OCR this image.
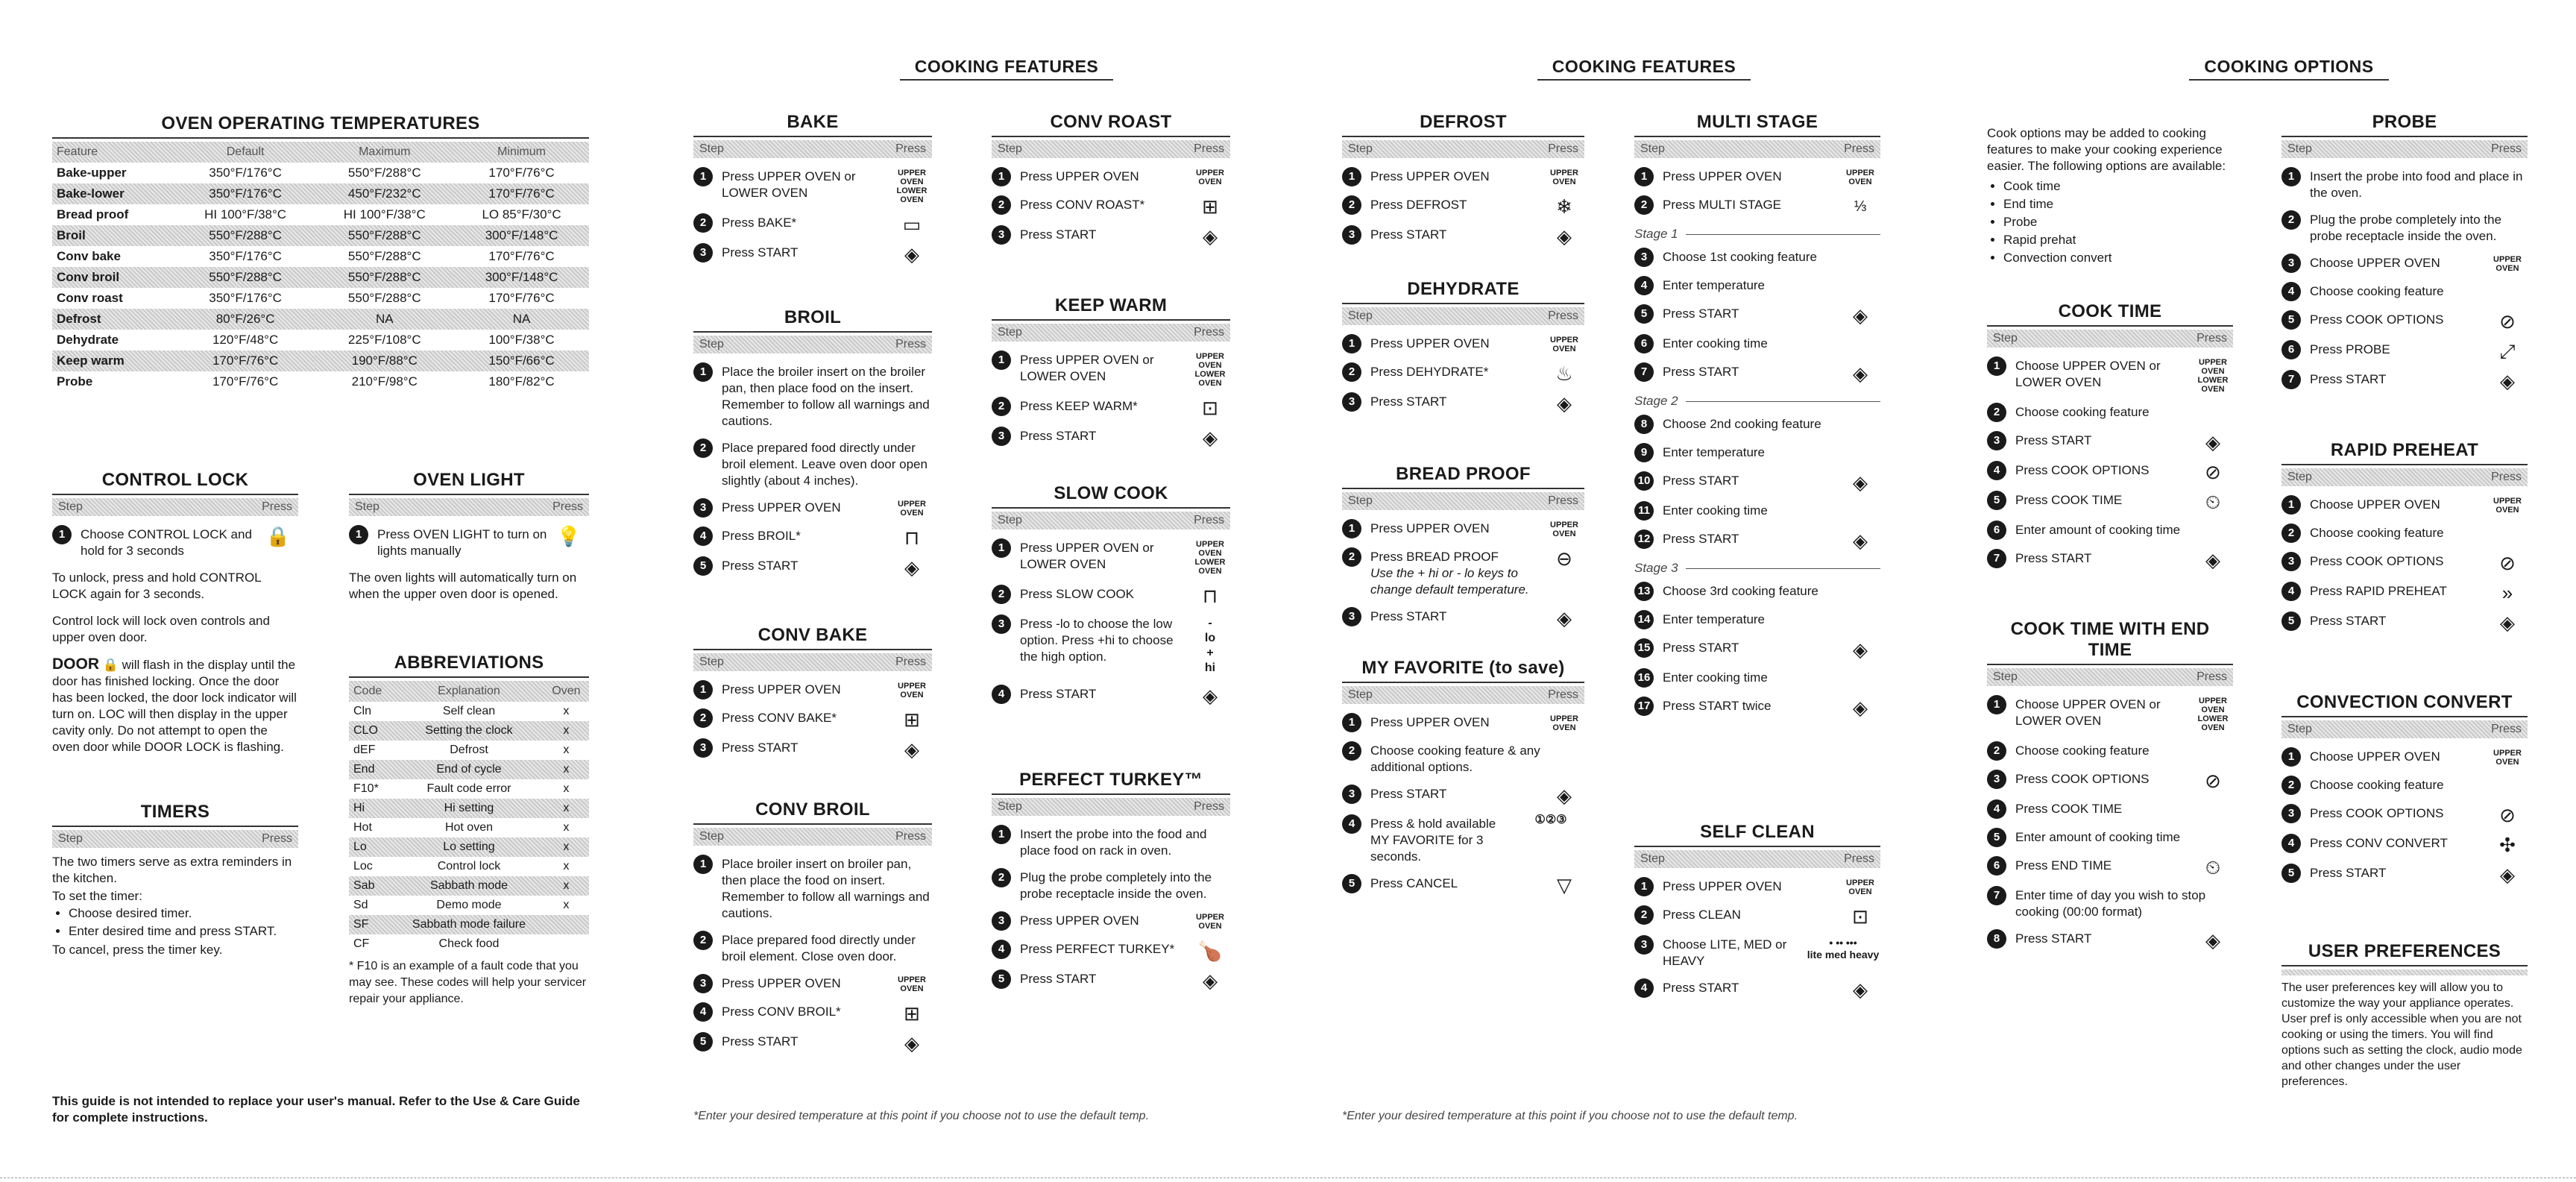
COOKING FEATURES	COOKING FEATURES	COOKING OPTIONS
OVEN OPERATING TEMPERATURES
Feature	Default	Maximum	Minimum
Bake-upper	350°F/176°C	550°F/288°C	170°F/76°C
Bake-lower	350°F/176°C	450°F/232°C	170°F/76°C
Bread proof	HI 100°F/38°C	HI 100°F/38°C	LO 85°F/30°C
Broil	550°F/288°C	550°F/288°C	300°F/148°C
Conv bake	350°F/176°C	550°F/288°C	170°F/76°C
Conv broil	550°F/288°C	550°F/288°C	300°F/148°C
Conv roast	350°F/176°C	550°F/288°C	170°F/76°C
Defrost	80°F/26°C	NA	NA
Dehydrate	120°F/48°C	225°F/108°C	100°F/38°C
Keep warm	170°F/76°C	190°F/88°C	150°F/66°C
Probe	170°F/76°C	210°F/98°C	180°F/82°C
CONTROL LOCK
Step	Press
1	Choose CONTROL LOCK and hold for 3 seconds
🔒
To unlock, press and hold CONTROL LOCK again for 3 seconds.
Control lock will lock oven controls and upper oven door.
DOOR 🔒 will flash in the display until the door has finished locking. Once the door has been locked, the door lock indicator will turn on. LOC will then display in the upper cavity only. Do not attempt to open the oven door while DOOR LOCK is flashing.
OVEN LIGHT
Step	Press
1	Press OVEN LIGHT to turn on lights manually
💡
The oven lights will automatically turn on when the upper oven door is opened.
ABBREVIATIONS
Code	Explanation	Oven
Cln	Self clean	x
CLO	Setting the clock	x
dEF	Defrost	x
End	End of cycle	x
F10*	Fault code error	x
Hi	Hi setting	x
Hot	Hot oven	x
Lo	Lo setting	x
Loc	Control lock	x
Sab	Sabbath mode	x
Sd	Demo mode	x
SF	Sabbath mode failure	
CF	Check food	
* F10 is an example of a fault code that you may see. These codes will help your servicer repair your appliance.
TIMERS
Step	Press
The two timers serve as extra reminders in the kitchen.
To set the timer:
• Choose desired timer.
• Enter desired time and press START.
To cancel, press the timer key.
This guide is not intended to replace your user's manual. Refer to the Use & Care Guide for complete instructions.
BAKE
Step	Press
1	Press UPPER OVEN or LOWER OVEN
UPPER
OVEN
LOWER
OVEN
2	Press BAKE*	▭
3	Press START	◈
BROIL
Step	Press
1	Place the broiler insert on the broiler pan, then place food on the insert. Remember to follow all warnings and cautions.
2	Place prepared food directly under broil element. Leave oven door open slightly (about 4 inches).
3	Press UPPER OVEN	UPPER
OVEN
4	Press BROIL*	⊓
5	Press START	◈
CONV BAKE
Step	Press
1	Press UPPER OVEN	UPPER
OVEN
2	Press CONV BAKE*	⊞
3	Press START	◈
CONV BROIL
Step	Press
1	Place broiler insert on broiler pan, then place the food on insert. Remember to follow all warnings and cautions.
2	Place prepared food directly under broil element. Close oven door.
3	Press UPPER OVEN	UPPER
OVEN
4	Press CONV BROIL*	⊞
5	Press START	◈
CONV ROAST
Step	Press
1	Press UPPER OVEN	UPPER
OVEN
2	Press CONV ROAST*	⊞
3	Press START	◈
KEEP WARM
Step	Press
1	Press UPPER OVEN or LOWER OVEN
UPPER
OVEN
LOWER
OVEN
2	Press KEEP WARM*	⊡
3	Press START	◈
SLOW COOK
Step	Press
1	Press UPPER OVEN or LOWER OVEN
UPPER
OVEN
LOWER
OVEN
2	Press SLOW COOK	⊓
3	Press -lo to choose the low option. Press +hi to choose the high option.
-
lo
+
hi
4	Press START	◈
PERFECT TURKEY™
Step	Press
1	Insert the probe into the food and place food on rack in oven.
2	Plug the probe completely into the probe receptacle inside the oven.
3	Press UPPER OVEN	UPPER
OVEN
4	Press PERFECT TURKEY*	🍗
5	Press START	◈
*Enter your desired temperature at this point if you choose not to use the default temp.
DEFROST
Step	Press
1	Press UPPER OVEN	UPPER
OVEN
2	Press DEFROST	❄
3	Press START	◈
DEHYDRATE
Step	Press
1	Press UPPER OVEN	UPPER
OVEN
2	Press DEHYDRATE*	♨
3	Press START	◈
BREAD PROOF
Step	Press
1	Press UPPER OVEN	UPPER
OVEN
2	Press BREAD PROOF
Use the + hi or - lo keys to change default temperature.
⊖
3	Press START	◈
MY FAVORITE (to save)
Step	Press
1	Press UPPER OVEN	UPPER
OVEN
2	Choose cooking feature & any additional options.
3	Press START	◈
4	Press & hold available MY FAVORITE for 3 seconds.
①②③
5	Press CANCEL	▽
MULTI STAGE
Step	Press
1	Press UPPER OVEN	UPPER
OVEN
2	Press MULTI STAGE	⅓
Stage 1
3	Choose 1st cooking feature
4	Enter temperature
5	Press START	◈
6	Enter cooking time
7	Press START	◈
Stage 2
8	Choose 2nd cooking feature
9	Enter temperature
10 Press START	◈
11 Enter cooking time
12 Press START	◈
Stage 3
13 Choose 3rd cooking feature
14 Enter temperature
15 Press START	◈
16 Enter cooking time
17 Press START twice	◈
SELF CLEAN
Step	Press
1	Press UPPER OVEN	UPPER
OVEN
2	Press CLEAN	⊡
3	Choose LITE, MED or HEAVY
• •• •••
lite med heavy
4	Press START	◈
*Enter your desired temperature at this point if you choose not to use the default temp.
Cook options may be added to cooking features to make your cooking experience easier. The following options are available:
• Cook time
• End time
• Probe
• Rapid prehat
• Convection convert
COOK TIME
Step	Press
1	Choose UPPER OVEN or LOWER OVEN
UPPER
OVEN
LOWER
OVEN
2	Choose cooking feature
3	Press START	◈
4	Press COOK OPTIONS	⊘
5	Press COOK TIME	⏲
6	Enter amount of cooking time
7	Press START	◈
COOK TIME WITH END TIME
Step	Press
1	Choose UPPER OVEN or LOWER OVEN
UPPER
OVEN
LOWER
OVEN
2	Choose cooking feature
3	Press COOK OPTIONS	⊘
4	Press COOK TIME
5	Enter amount of cooking time
6	Press END TIME	⏲
7	Enter time of day you wish to stop cooking (00:00 format)
8	Press START	◈
PROBE
Step	Press
1	Insert the probe into food and place in the oven.
2	Plug the probe completely into the probe receptacle inside the oven.
3	Choose UPPER OVEN	UPPER
OVEN
4	Choose cooking feature
5	Press COOK OPTIONS	⊘
6	Press PROBE	⤢
7	Press START	◈
RAPID PREHEAT
Step	Press
1	Choose UPPER OVEN	UPPER
OVEN
2	Choose cooking feature
3	Press COOK OPTIONS	⊘
4	Press RAPID PREHEAT	»
5	Press START	◈
CONVECTION CONVERT
Step	Press
1	Choose UPPER OVEN	UPPER
OVEN
2	Choose cooking feature
3	Press COOK OPTIONS	⊘
4	Press CONV CONVERT	✣
5	Press START	◈
USER PREFERENCES
The user preferences key will allow you to customize the way your appliance operates. User pref is only accessible when you are not cooking or using the timers. You will find options such as setting the clock, audio mode and other changes under the user preferences.
